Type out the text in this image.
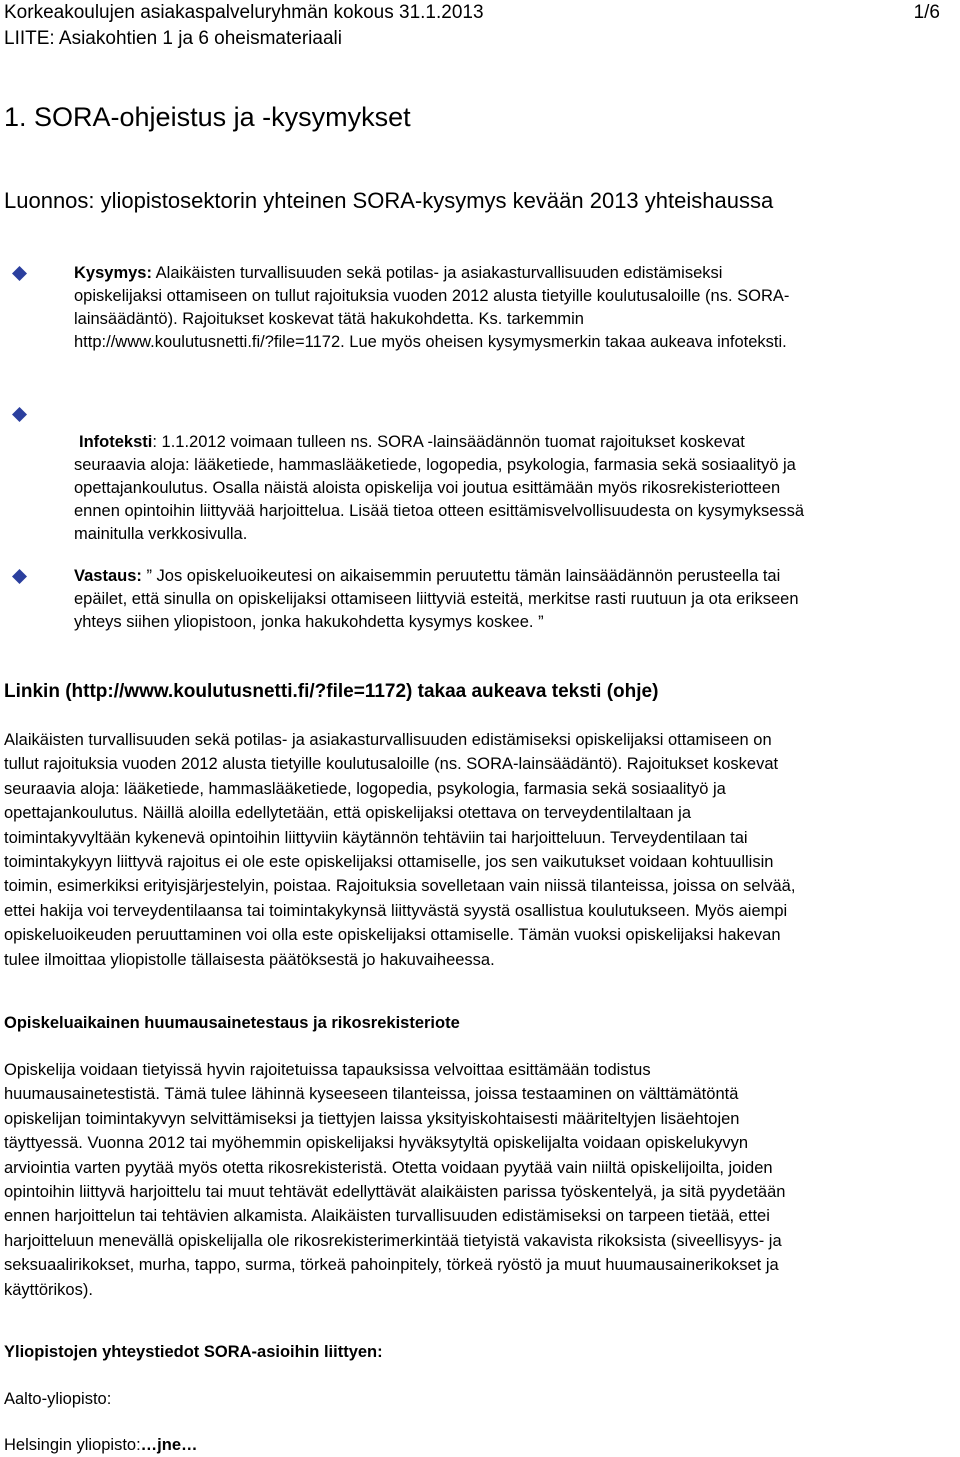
Korkeakoulujen asiakaspalveluryhmän kokous 31.1.2013	1/6
LIITE: Asiakohtien 1 ja 6 oheismateriaali
1. SORA-ohjeistus ja -kysymykset
Luonnos: yliopistosektorin yhteinen SORA-kysymys kevään 2013 yhteishaussa
Kysymys: Alaikäisten turvallisuuden sekä potilas- ja asiakasturvallisuuden edistämiseksi
opiskelijaksi ottamiseen on tullut rajoituksia vuoden 2012 alusta tietyille koulutusaloille (ns. SORA-
lainsäädäntö). Rajoitukset koskevat tätä hakukohdetta. Ks. tarkemmin
http://www.koulutusnetti.fi/?file=1172. Lue myös oheisen kysymysmerkin takaa aukeava infoteksti.
Infoteksti: 1.1.2012 voimaan tulleen ns. SORA -lainsäädännön tuomat rajoitukset koskevat
seuraavia aloja: lääketiede, hammaslääketiede, logopedia, psykologia, farmasia sekä sosiaalityö ja
opettajankoulutus. Osalla näistä aloista opiskelija voi joutua esittämään myös rikosrekisteriotteen
ennen opintoihin liittyvää harjoittelua. Lisää tietoa otteen esittämisvelvollisuudesta on kysymyksessä
mainitulla verkkosivulla.
Vastaus: ” Jos opiskeluoikeutesi on aikaisemmin peruutettu tämän lainsäädännön perusteella tai
epäilet, että sinulla on opiskelijaksi ottamiseen liittyviä esteitä, merkitse rasti ruutuun ja ota erikseen
yhteys siihen yliopistoon, jonka hakukohdetta kysymys koskee. ”
Linkin (http://www.koulutusnetti.fi/?file=1172) takaa aukeava teksti (ohje)
Alaikäisten turvallisuuden sekä potilas- ja asiakasturvallisuuden edistämiseksi opiskelijaksi ottamiseen on
tullut rajoituksia vuoden 2012 alusta tietyille koulutusaloille (ns. SORA-lainsäädäntö). Rajoitukset koskevat
seuraavia aloja: lääketiede, hammaslääketiede, logopedia, psykologia, farmasia sekä sosiaalityö ja
opettajankoulutus. Näillä aloilla edellytetään, että opiskelijaksi otettava on terveydentilaltaan ja
toimintakyvyltään kykenevä opintoihin liittyviin käytännön tehtäviin tai harjoitteluun. Terveydentilaan tai
toimintakykyyn liittyvä rajoitus ei ole este opiskelijaksi ottamiselle, jos sen vaikutukset voidaan kohtuullisin
toimin, esimerkiksi erityisjärjestelyin, poistaa. Rajoituksia sovelletaan vain niissä tilanteissa, joissa on selvää,
ettei hakija voi terveydentilaansa tai toimintakykynsä liittyvästä syystä osallistua koulutukseen. Myös aiempi
opiskeluoikeuden peruuttaminen voi olla este opiskelijaksi ottamiselle. Tämän vuoksi opiskelijaksi hakevan
tulee ilmoittaa yliopistolle tällaisesta päätöksestä jo hakuvaiheessa.
Opiskeluaikainen huumausainetestaus ja rikosrekisteriote
Opiskelija voidaan tietyissä hyvin rajoitetuissa tapauksissa velvoittaa esittämään todistus
huumausainetestistä. Tämä tulee lähinnä kyseeseen tilanteissa, joissa testaaminen on välttämätöntä
opiskelijan toimintakyvyn selvittämiseksi ja tiettyjen laissa yksityiskohtaisesti määriteltyjen lisäehtojen
täyttyessä. Vuonna 2012 tai myöhemmin opiskelijaksi hyväksytyltä opiskelijalta voidaan opiskelukyvyn
arviointia varten pyytää myös otetta rikosrekisteristä. Otetta voidaan pyytää vain niiltä opiskelijoilta, joiden
opintoihin liittyvä harjoittelu tai muut tehtävät edellyttävät alaikäisten parissa työskentelyä, ja sitä pyydetään
ennen harjoittelun tai tehtävien alkamista. Alaikäisten turvallisuuden edistämiseksi on tarpeen tietää, ettei
harjoitteluun menevällä opiskelijalla ole rikosrekisterimerkintää tietyistä vakavista rikoksista (siveellisyys- ja
seksuaalirikokset, murha, tappo, surma, törkeä pahoinpitely, törkeä ryöstö ja muut huumausainerikokset ja
käyttörikos).
Yliopistojen yhteystiedot SORA-asioihin liittyen:
Aalto-yliopisto:
Helsingin yliopisto:…jne…
